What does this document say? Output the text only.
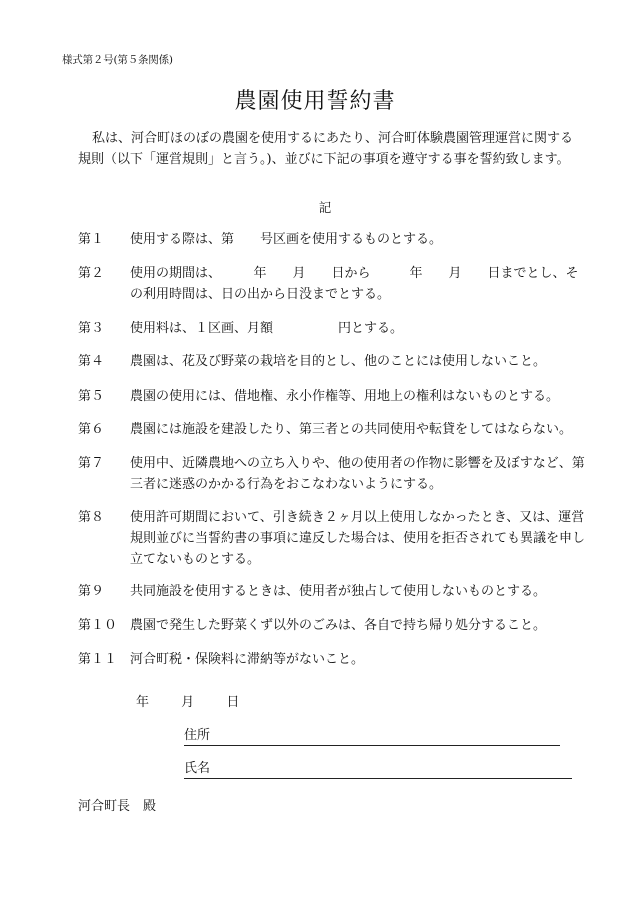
様式第２号(第５条関係)
農園使用誓約書
私は、河合町ほのぼの農園を使用するにあたり、河合町体験農園管理運営に関する規則（以下「運営規則」と言う。)、並びに下記の事項を遵守する事を誓約致します。
記
第１	使用する際は、第　　号区画を使用するものとする。
第２	使用の期間は、　　　年　　月　　日から　　　年　　月　　日までとし、その利用時間は、日の出から日没までとする。
第３	使用料は、１区画、月額　　　　　円とする。
第４	農園は、花及び野菜の栽培を目的とし、他のことには使用しないこと。
第５	農園の使用には、借地権、永小作権等、用地上の権利はないものとする。
第６	農園には施設を建設したり、第三者との共同使用や転貸をしてはならない。
第７	使用中、近隣農地への立ち入りや、他の使用者の作物に影響を及ぼすなど、第三者に迷惑のかかる行為をおこなわないようにする。
第８	使用許可期間において、引き続き２ヶ月以上使用しなかったとき、又は、運営規則並びに当誓約書の事項に違反した場合は、使用を拒否されても異議を申し立てないものとする。
第９	共同施設を使用するときは、使用者が独占して使用しないものとする。
第１０ 農園で発生した野菜くず以外のごみは、各自で持ち帰り処分すること。
第１１ 河合町税・保険料に滞納等がないこと。
年 月 日
住所
氏名
河合町長　殿
